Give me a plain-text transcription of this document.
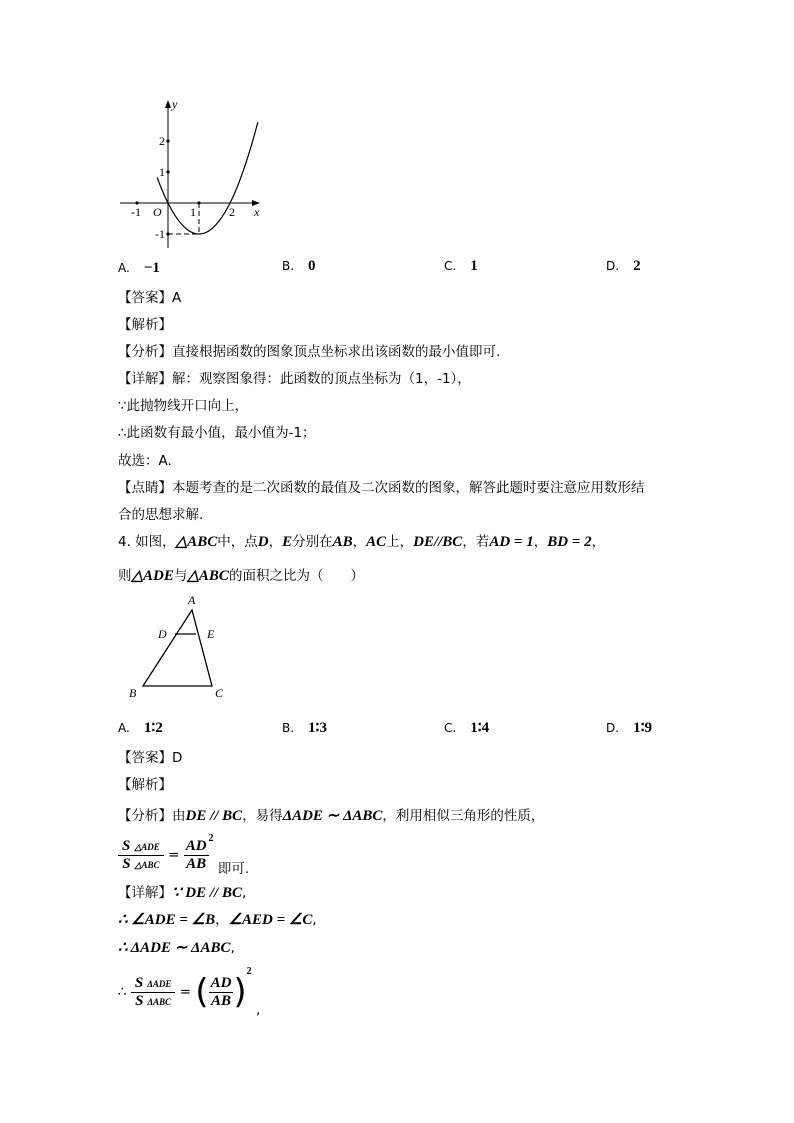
y
x
O
-1	1	2
2
1
-1
A
D	E
B	C
A. −1	B. 0	C. 1	D. 2
【答案】A
【解析】
【分析】直接根据函数的图象顶点坐标求出该函数的最小值即可.
【详解】解：观察图象得：此函数的顶点坐标为（1，-1），
∵此抛物线开口向上，
∴此函数有最小值，最小值为-1；
故选：A.
【点睛】本题考查的是二次函数的最值及二次函数的图象，解答此题时要注意应用数形结
合的思想求解.
4. 如图，△ABC中，点D，E分别在AB，AC上，DE//BC，若AD = 1，BD = 2，
则△ADE与△ABC的面积之比为（　　）
A. 1∶2	B. 1∶3	C. 1∶4	D. 1∶9
【答案】D
【解析】
【分析】由DE // BC，易得ΔADE ∼ ΔABC，利用相似三角形的性质，
$\frac{\text{S △ADE}}{\text{S △ABC}} = \frac{AD}{AB} ^2$ 即可.
【详解】∵ DE // BC,
∴ ∠ADE = ∠B，∠AED = ∠C,
∴ ΔADE ∼ ΔABC,
∴ $\frac{\text{S ΔADE}}{\text{S ΔABC}}$ = ( $\frac{AD}{AB} )^2$ ,
